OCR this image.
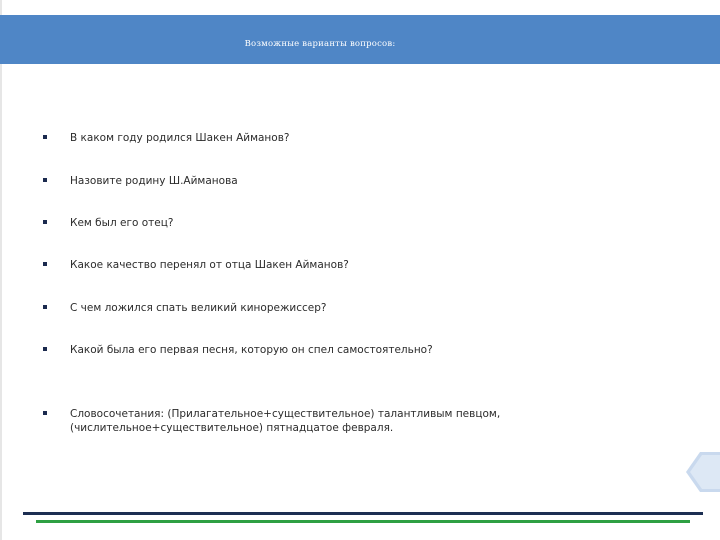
Возможные варианты вопросов:
В каком году родился Шакен Айманов?
Назовите родину Ш.Айманова
Кем был его отец?
Какое качество перенял от отца Шакен Айманов?
С чем ложился спать великий кинорежиссер?
Какой была его первая песня, которую он спел самостоятельно?
Словосочетания: (Прилагательное+существительное) талантливым певцом,
(числительное+существительное) пятнадцатое февраля.
